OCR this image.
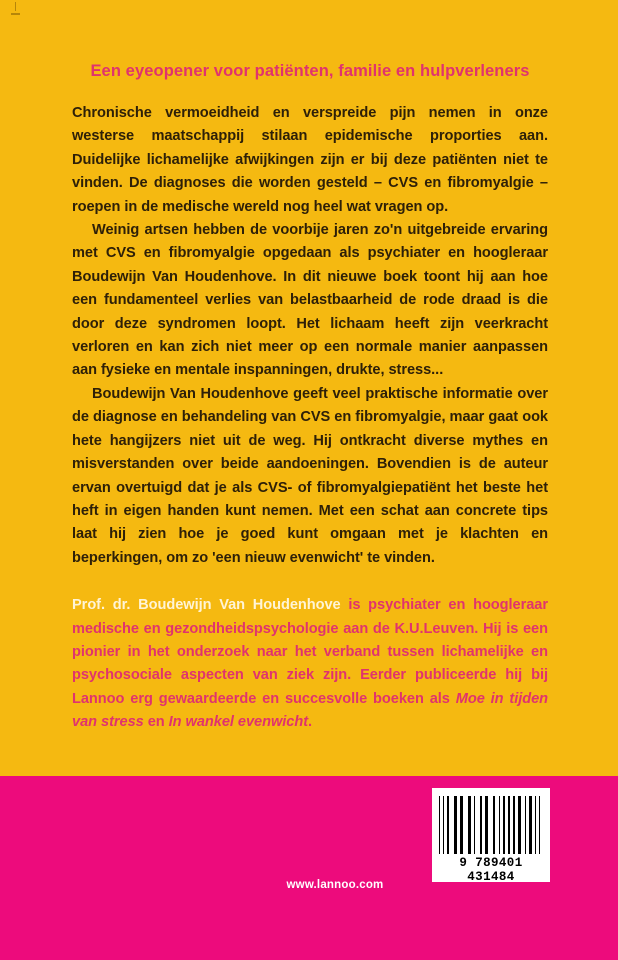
Een eyeopener voor patiënten, familie en hulpverleners

Chronische vermoeidheid en verspreide pijn nemen in onze westerse maatschappij stilaan epidemische proporties aan. Duidelijke lichamelijke afwijkingen zijn er bij deze patiënten niet te vinden. De diagnoses die worden gesteld – CVS en fibromyalgie – roepen in de medische wereld nog heel wat vragen op.

Weinig artsen hebben de voorbije jaren zo'n uitgebreide ervaring met CVS en fibromyalgie opgedaan als psychiater en hoogleraar Boudewijn Van Houdenhove. In dit nieuwe boek toont hij aan hoe een fundamenteel verlies van belastbaarheid de rode draad is die door deze syndromen loopt. Het lichaam heeft zijn veerkracht verloren en kan zich niet meer op een normale manier aanpassen aan fysieke en mentale inspanningen, drukte, stress...

Boudewijn Van Houdenhove geeft veel praktische informatie over de diagnose en behandeling van CVS en fibromyalgie, maar gaat ook hete hangijzers niet uit de weg. Hij ontkracht diverse mythes en misverstanden over beide aandoeningen. Bovendien is de auteur ervan overtuigd dat je als CVS- of fibromyalgiepatiënt het beste het heft in eigen handen kunt nemen. Met een schat aan concrete tips laat hij zien hoe je goed kunt omgaan met je klachten en beperkingen, om zo 'een nieuw evenwicht' te vinden.

Prof. dr. Boudewijn Van Houdenhove is psychiater en hoogleraar medische en gezondheidspsychologie aan de K.U.Leuven. Hij is een pionier in het onderzoek naar het verband tussen lichamelijke en psychosociale aspecten van ziek zijn. Eerder publiceerde hij bij Lannoo erg gewaardeerde en succesvolle boeken als Moe in tijden van stress en In wankel evenwicht.

9 789401 431484
www.lannoo.com
